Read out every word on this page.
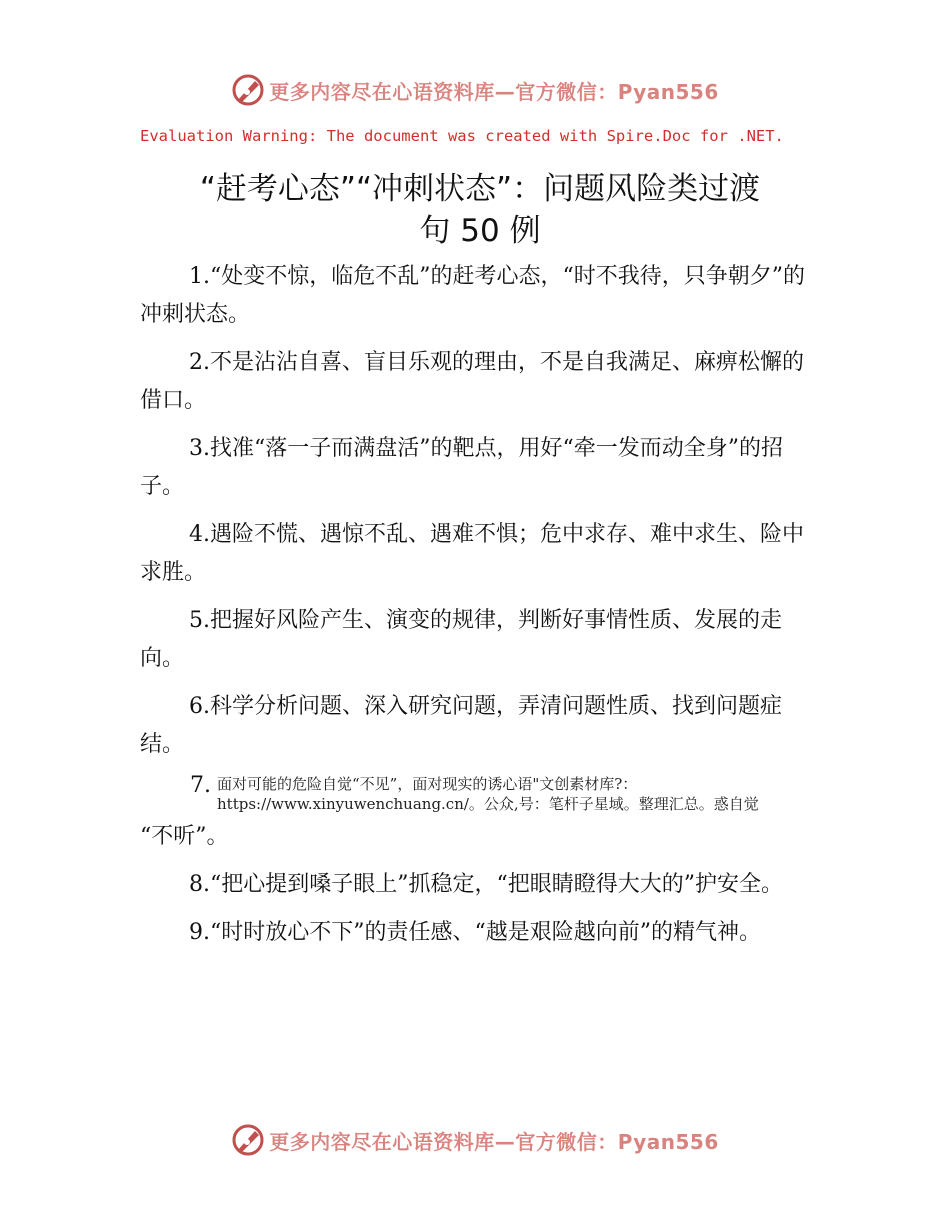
更多内容尽在心语资料库—官方微信：Pyan556
Evaluation Warning: The document was created with Spire.Doc for .NET.
“赶考心态”“冲刺状态”：问题风险类过渡
句 50 例

1.“处变不惊，临危不乱”的赶考心态，“时不我待，只争朝夕”的冲刺状态。

2.不是沾沾自喜、盲目乐观的理由，不是自我满足、麻痹松懈的借口。

3.找准“落一子而满盘活”的靶点，用好“牵一发而动全身”的招子。

4.遇险不慌、遇惊不乱、遇难不惧；危中求存、难中求生、险中求胜。

5.把握好风险产生、演变的规律，判断好事情性质、发展的走向。

6.科学分析问题、深入研究问题，弄清问题性质、找到问题症结。

7. 面对可能的危险自觉“不见”，面对现实的诱心语"文创素材库?：https://www.xinyuwenchuang.cn/。公众,号：笔杆子星域。整理汇总。惑自觉

“不听”。

8.“把心提到嗓子眼上”抓稳定，“把眼睛瞪得大大的”护安全。

9.“时时放心不下”的责任感、“越是艰险越向前”的精气神。

更多内容尽在心语资料库—官方微信：Pyan556
